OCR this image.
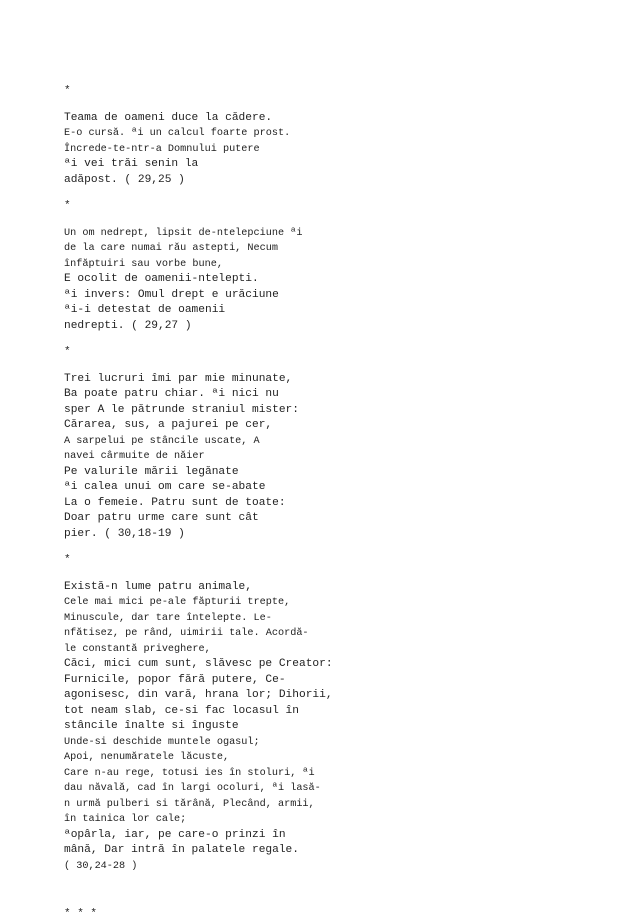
*
Teama de oameni duce la cădere.
E-o cursă. ªi un calcul foarte prost.
Încrede-te-ntr-a Domnului putere
ªi vei trăi senin la
adăpost. ( 29,25 )
*
Un om nedrept, lipsit de-ntelepciune ªi
de la care numai rău astepti, Necum
înfăptuiri sau vorbe bune,
E ocolit de oamenii-ntelepti.
ªi invers: Omul drept e urăciune
ªi-i detestat de oamenii
nedrepti. ( 29,27 )
*
Trei lucruri îmi par mie minunate,
Ba poate patru chiar. ªi nici nu
sper A le pătrunde straniul mister:
Cărarea, sus, a pajurei pe cer,
A sarpelui pe stâncile uscate, A
navei cârmuite de năier
Pe valurile mării legănate
ªi calea unui om care se-abate
La o femeie. Patru sunt de toate:
Doar patru urme care sunt cât
pier. ( 30,18-19 )
*
Există-n lume patru animale,
Cele mai mici pe-ale făpturii trepte,
Minuscule, dar tare întelepte. Le-
nfătisez, pe rând, uimirii tale. Acordă-
le constantă priveghere,
Căci, mici cum sunt, slăvesc pe Creator:
Furnicile, popor fără putere, Ce-
agonisesc, din vară, hrana lor; Dihorii,
tot neam slab, ce-si fac locasul în
stâncile înalte si înguste
Unde-si deschide muntele ogasul;
Apoi, nenumăratele lăcuste,
Care n-au rege, totusi ies în stoluri, ªi
dau năvală, cad în largi ocoluri, ªi lasă-
n urmă pulberi si tărână, Plecând, armii,
în tainica lor cale;
ªopârla, iar, pe care-o prinzi în
mână, Dar intră în palatele regale.
( 30,24-28 )
* * *
